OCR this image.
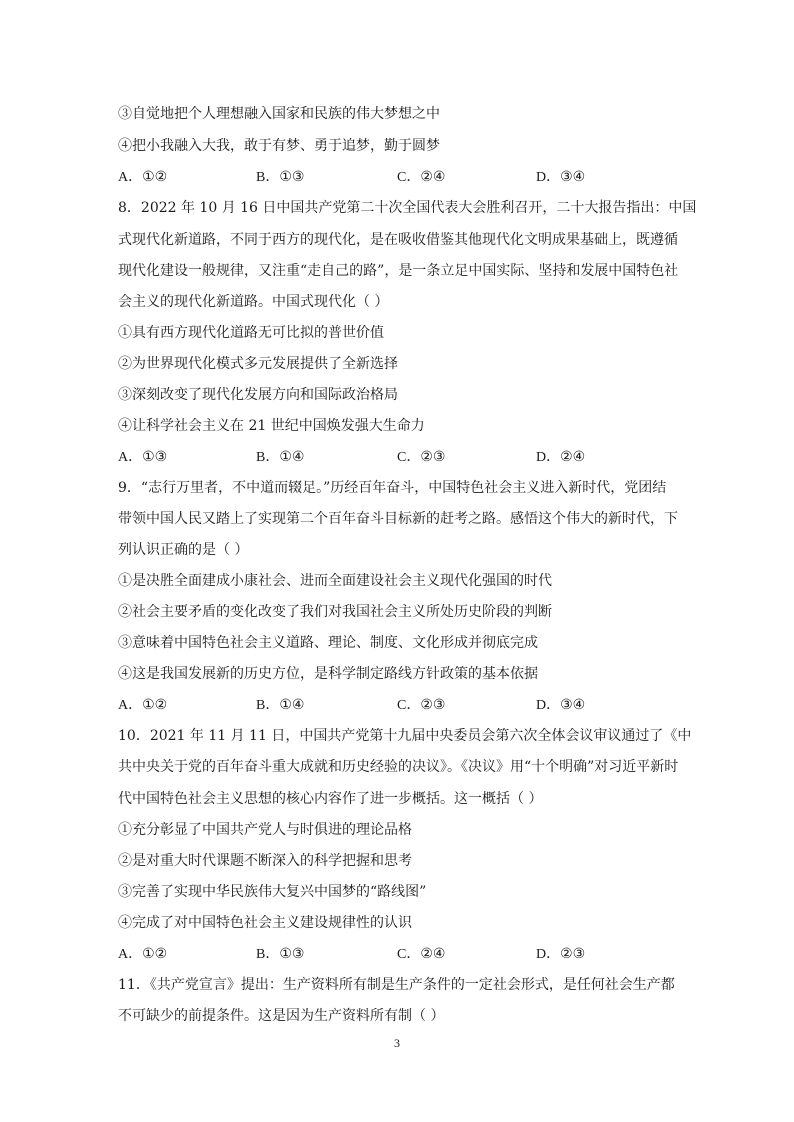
③自觉地把个人理想融入国家和民族的伟大梦想之中
④把小我融入大我，敢于有梦、勇于追梦，勤于圆梦
A．①②	B．①③	C．②④	D．③④
8．2022 年 10 月 16 日中国共产党第二十次全国代表大会胜利召开，二十大报告指出：中国
式现代化新道路，不同于西方的现代化，是在吸收借鉴其他现代化文明成果基础上，既遵循
现代化建设一般规律，又注重“走自己的路”，是一条立足中国实际、坚持和发展中国特色社
会主义的现代化新道路。中国式现代化（ ）
①具有西方现代化道路无可比拟的普世价值
②为世界现代化模式多元发展提供了全新选择
③深刻改变了现代化发展方向和国际政治格局
④让科学社会主义在 21 世纪中国焕发强大生命力
A．①③	B．①④	C．②③	D．②④
9．“志行万里者，不中道而辍足。”历经百年奋斗，中国特色社会主义进入新时代，党团结
带领中国人民又踏上了实现第二个百年奋斗目标新的赶考之路。感悟这个伟大的新时代，下
列认识正确的是（ ）
①是决胜全面建成小康社会、进而全面建设社会主义现代化强国的时代
②社会主要矛盾的变化改变了我们对我国社会主义所处历史阶段的判断
③意味着中国特色社会主义道路、理论、制度、文化形成并彻底完成
④这是我国发展新的历史方位，是科学制定路线方针政策的基本依据
A．①②	B．①④	C．②③	D．③④
10．2021 年 11 月 11 日，中国共产党第十九届中央委员会第六次全体会议审议通过了《中
共中央关于党的百年奋斗重大成就和历史经验的决议》。《决议》用“十个明确”对习近平新时
代中国特色社会主义思想的核心内容作了进一步概括。这一概括（ ）
①充分彰显了中国共产党人与时俱进的理论品格
②是对重大时代课题不断深入的科学把握和思考
③完善了实现中华民族伟大复兴中国梦的“路线图”
④完成了对中国特色社会主义建设规律性的认识
A．①②	B．①③	C．②④	D．②③
11．《共产党宣言》提出：生产资料所有制是生产条件的一定社会形式，是任何社会生产都
不可缺少的前提条件。这是因为生产资料所有制（ ）
3
